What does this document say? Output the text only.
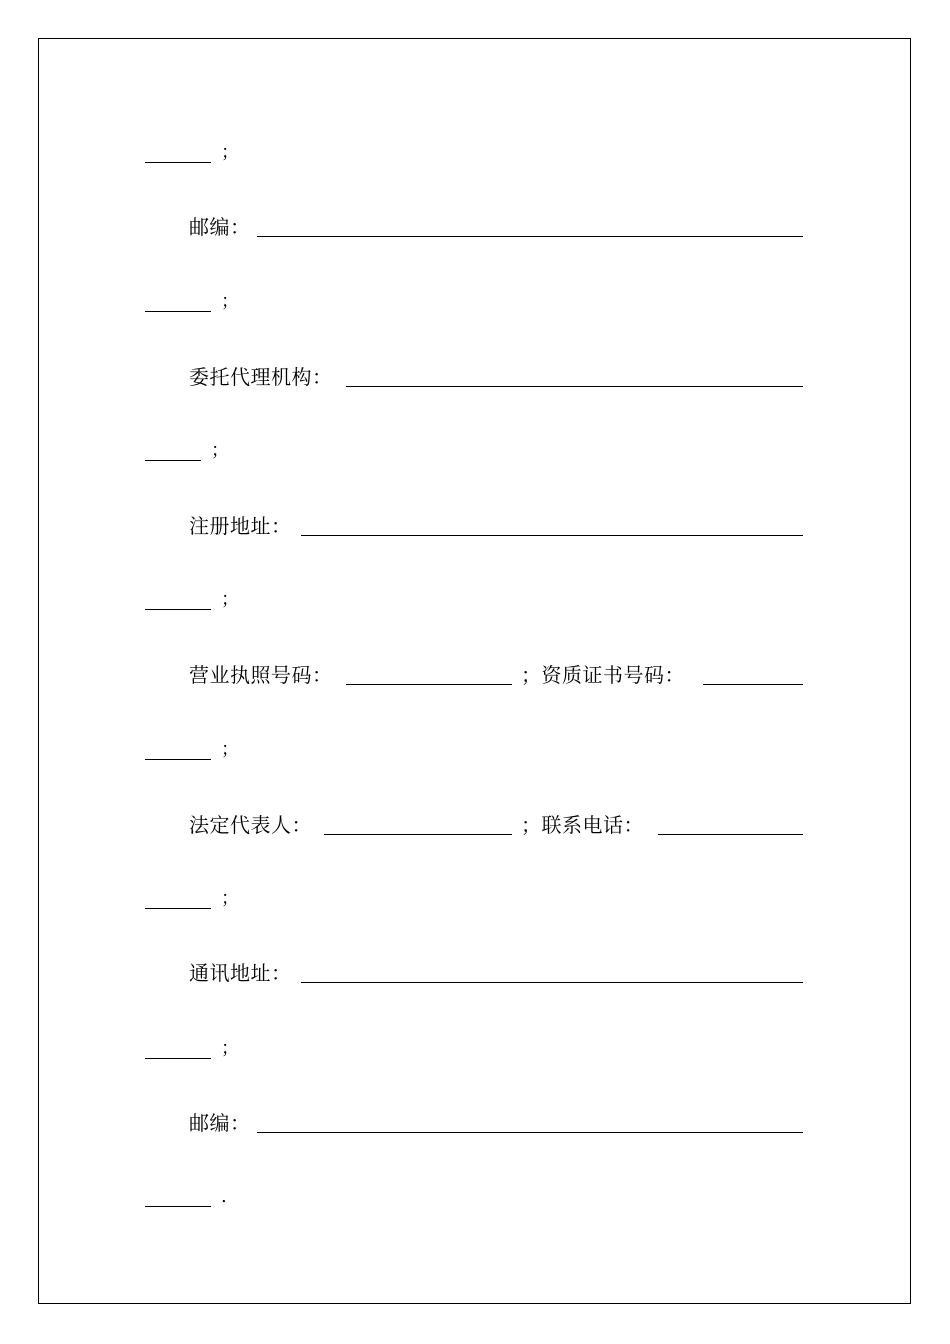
；
邮编：
；
委托代理机构：
；
注册地址：
；
营业执照号码：	；资质证书号码：
；
法定代表人：	；联系电话：
；
通讯地址：
；
邮编：
.
